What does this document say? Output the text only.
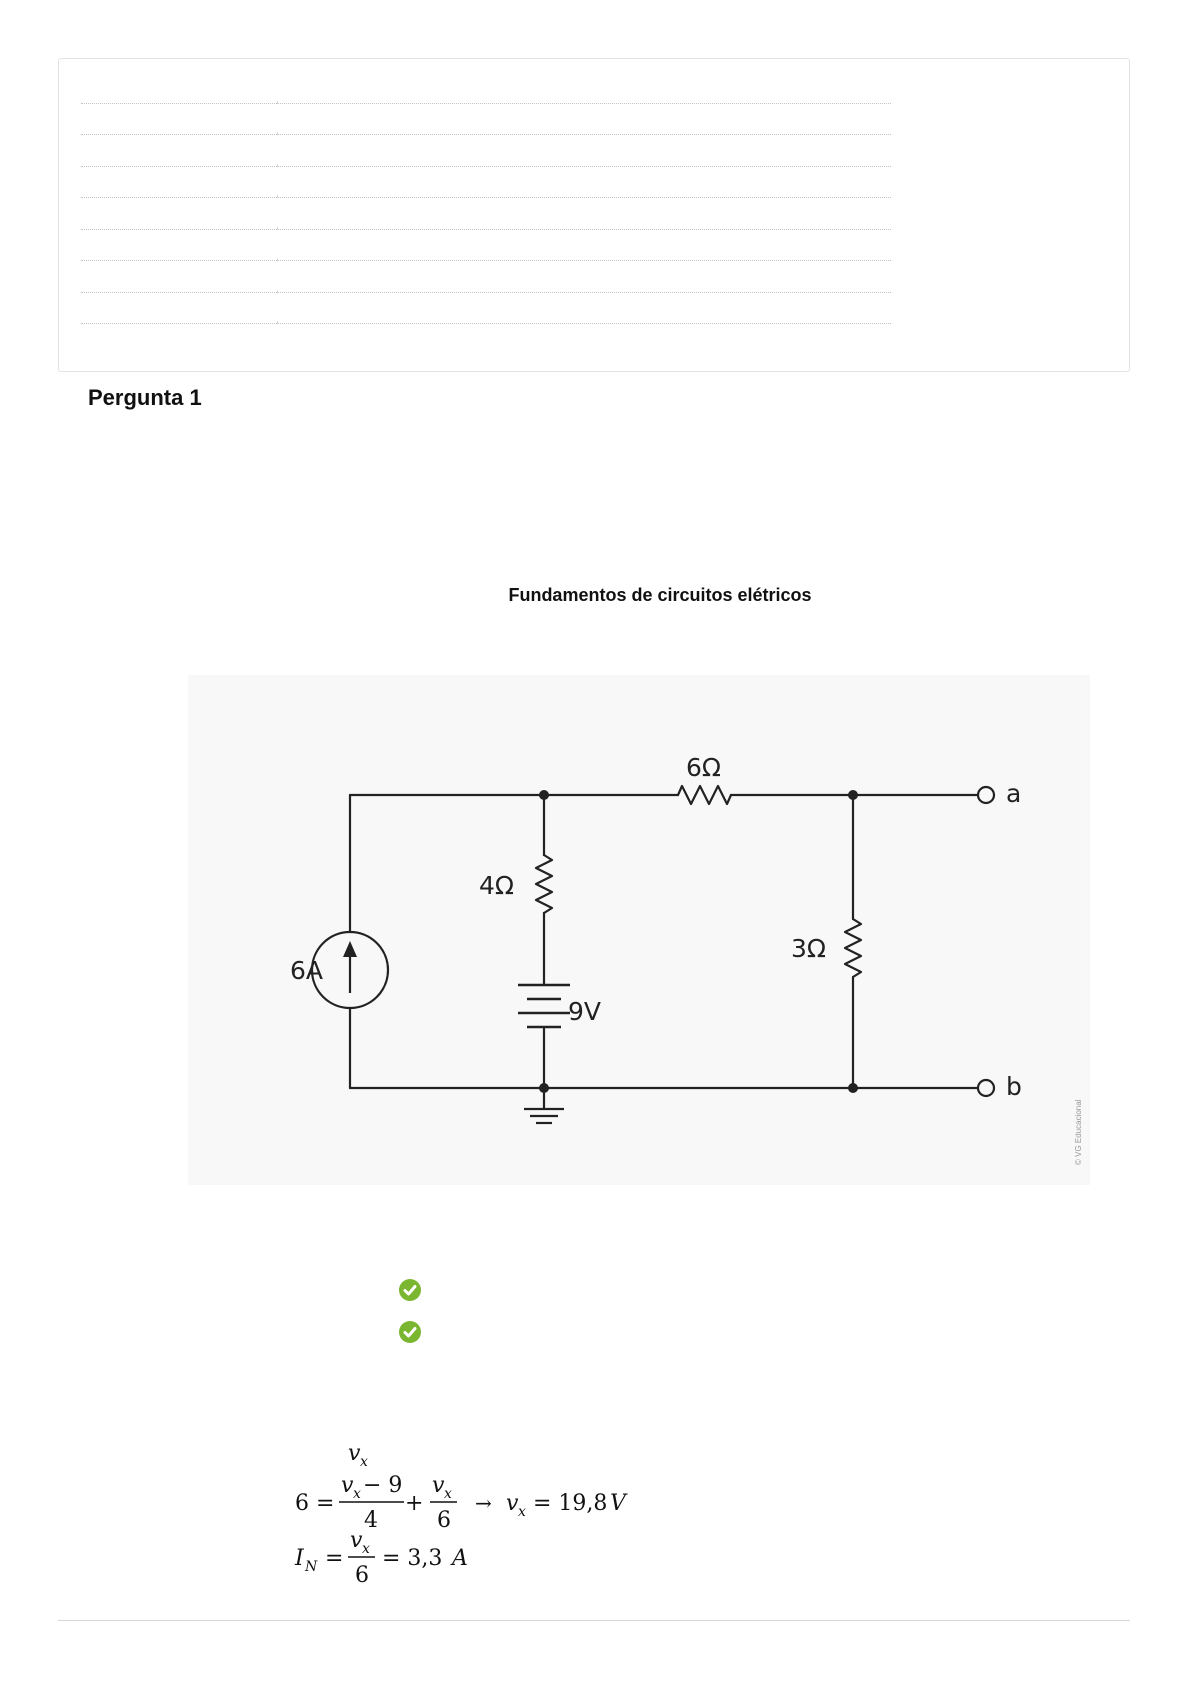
Pergunta 1
Fundamentos de circuitos elétricos
6A
6Ω
4Ω
3Ω
9V
a
b
© VG Educacional
v x
6 =
v x − 9
4
+
v x
6
→ v x = 19,8
V
I N =
v x
6
= 3,3 A
